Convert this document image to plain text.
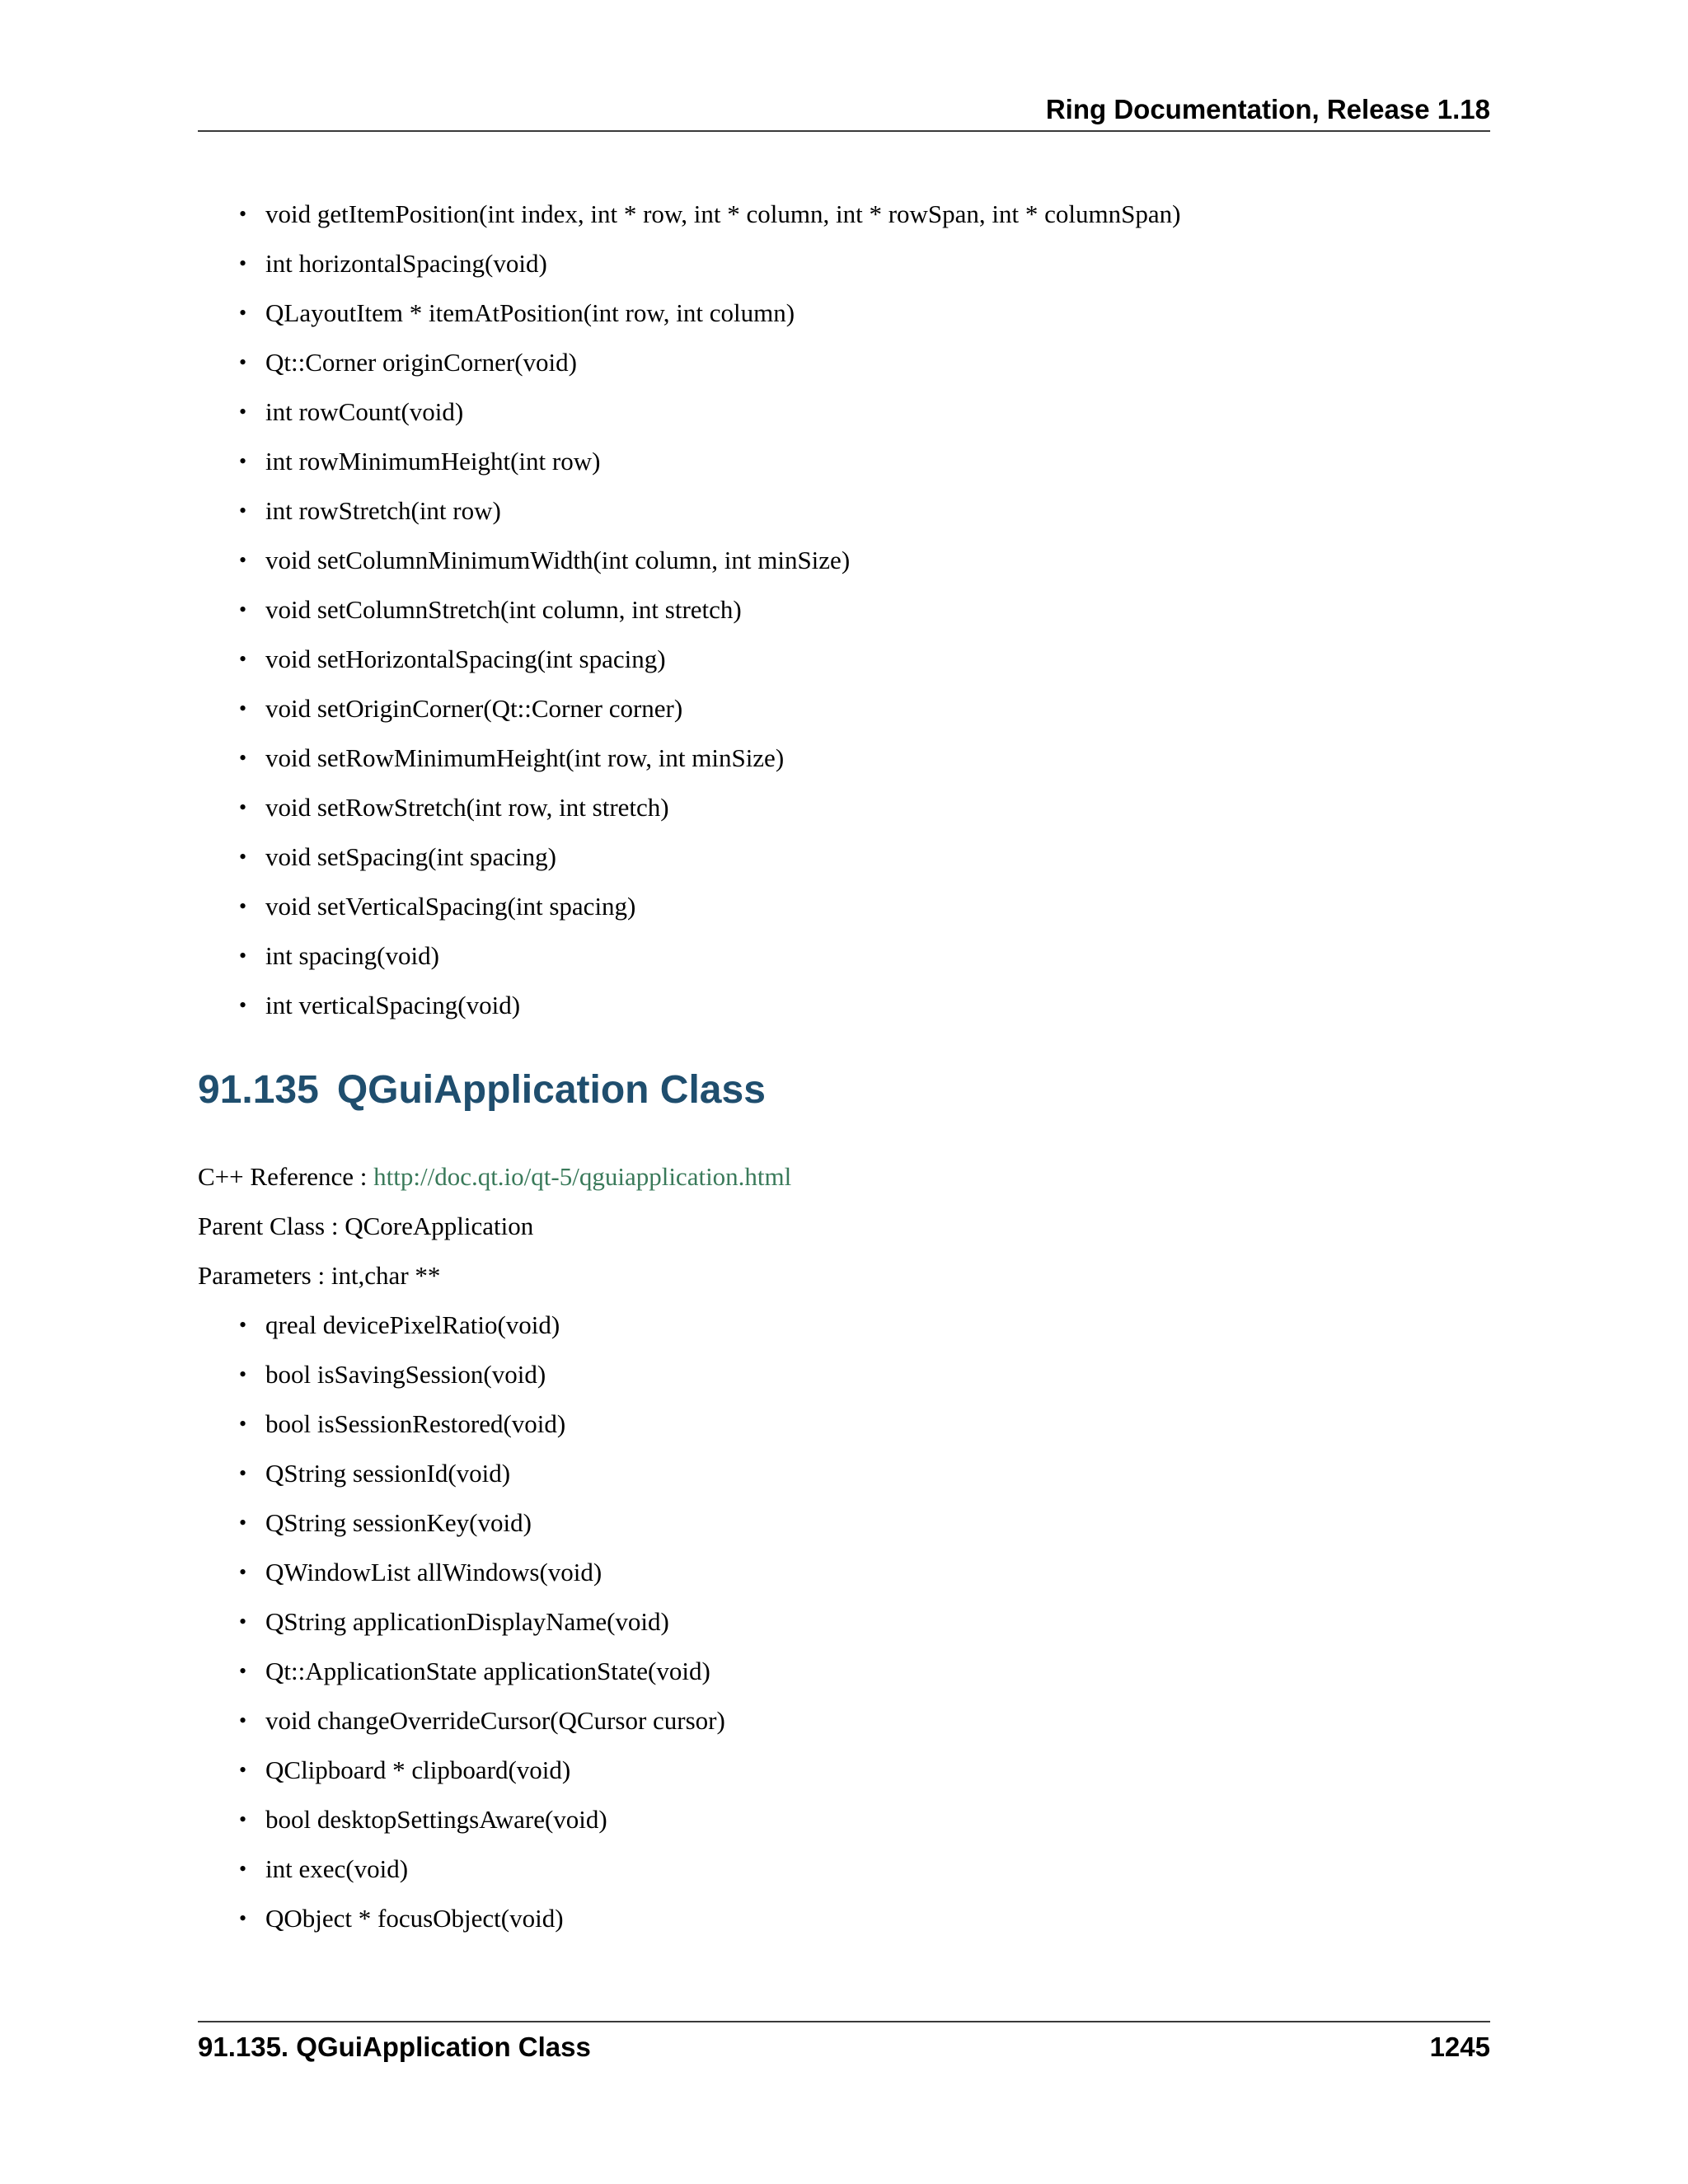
Ring Documentation, Release 1.18
• void getItemPosition(int index, int * row, int * column, int * rowSpan, int * columnSpan)
• int horizontalSpacing(void)
• QLayoutItem * itemAtPosition(int row, int column)
• Qt::Corner originCorner(void)
• int rowCount(void)
• int rowMinimumHeight(int row)
• int rowStretch(int row)
• void setColumnMinimumWidth(int column, int minSize)
• void setColumnStretch(int column, int stretch)
• void setHorizontalSpacing(int spacing)
• void setOriginCorner(Qt::Corner corner)
• void setRowMinimumHeight(int row, int minSize)
• void setRowStretch(int row, int stretch)
• void setSpacing(int spacing)
• void setVerticalSpacing(int spacing)
• int spacing(void)
• int verticalSpacing(void)
91.135 QGuiApplication Class
C++ Reference : http://doc.qt.io/qt-5/qguiapplication.html
Parent Class : QCoreApplication
Parameters : int,char **
• qreal devicePixelRatio(void)
• bool isSavingSession(void)
• bool isSessionRestored(void)
• QString sessionId(void)
• QString sessionKey(void)
• QWindowList allWindows(void)
• QString applicationDisplayName(void)
• Qt::ApplicationState applicationState(void)
• void changeOverrideCursor(QCursor cursor)
• QClipboard * clipboard(void)
• bool desktopSettingsAware(void)
• int exec(void)
• QObject * focusObject(void)
91.135. QGuiApplication Class	1245
